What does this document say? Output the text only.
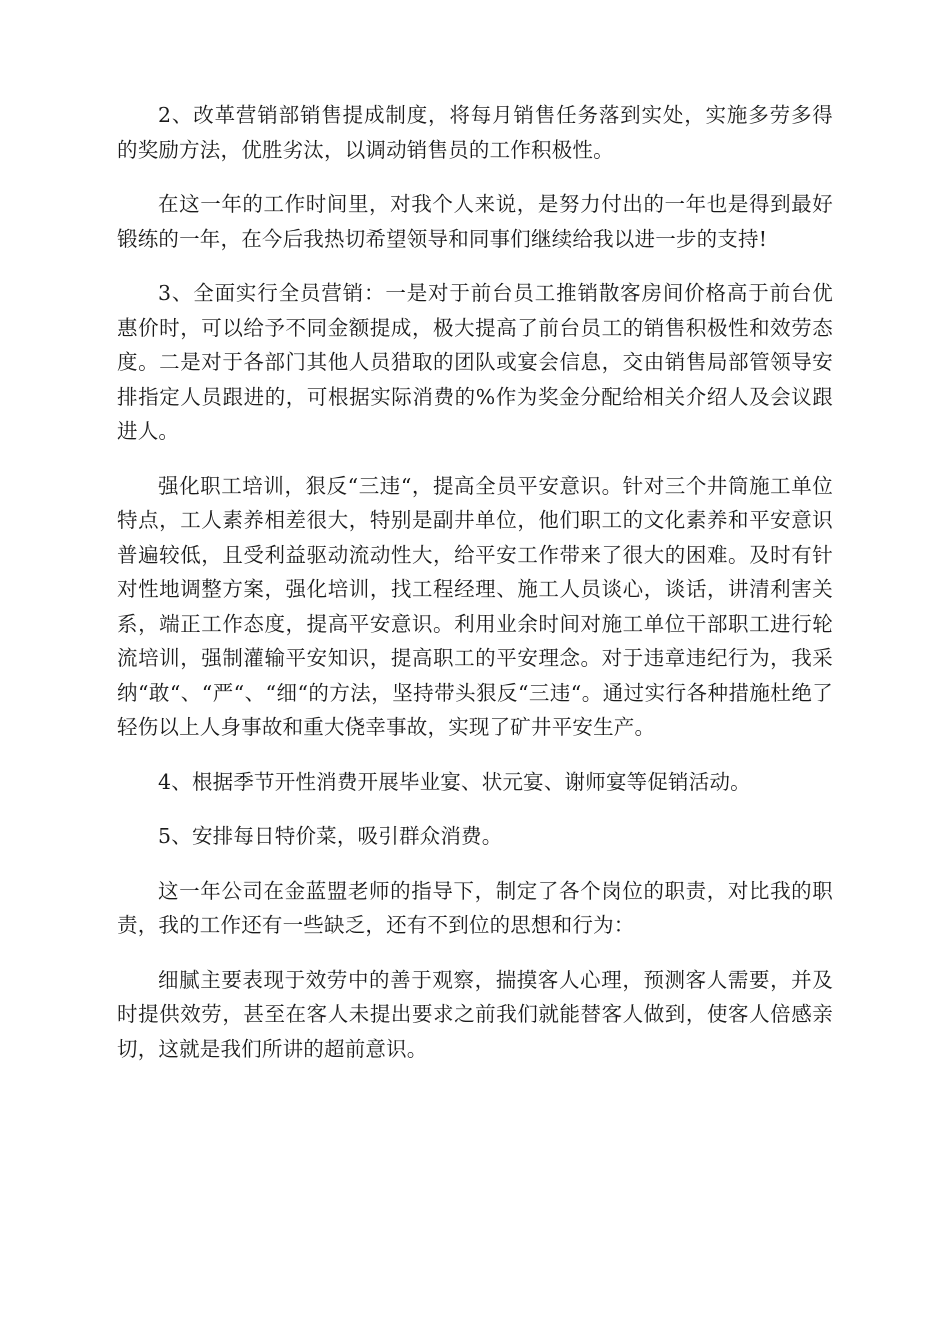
2、改革营销部销售提成制度，将每月销售任务落到实处，实施多劳多得的奖励方法，优胜劣汰，以调动销售员的工作积极性。

在这一年的工作时间里，对我个人来说，是努力付出的一年也是得到最好锻练的一年，在今后我热切希望领导和同事们继续给我以进一步的支持!

3、全面实行全员营销：一是对于前台员工推销散客房间价格高于前台优惠价时，可以给予不同金额提成，极大提高了前台员工的销售积极性和效劳态度。二是对于各部门其他人员猎取的团队或宴会信息，交由销售局部管领导安排指定人员跟进的，可根据实际消费的%作为奖金分配给相关介绍人及会议跟进人。

强化职工培训，狠反“三违“，提高全员平安意识。针对三个井筒施工单位特点，工人素养相差很大，特别是副井单位，他们职工的文化素养和平安意识普遍较低，且受利益驱动流动性大，给平安工作带来了很大的困难。及时有针对性地调整方案，强化培训，找工程经理、施工人员谈心，谈话，讲清利害关系，端正工作态度，提高平安意识。利用业余时间对施工单位干部职工进行轮流培训，强制灌输平安知识，提高职工的平安理念。对于违章违纪行为，我采纳“敢“、“严“、“细“的方法，坚持带头狠反“三违“。通过实行各种措施杜绝了轻伤以上人身事故和重大侥幸事故，实现了矿井平安生产。

4、根据季节开性消费开展毕业宴、状元宴、谢师宴等促销活动。

5、安排每日特价菜，吸引群众消费。

这一年公司在金蓝盟老师的指导下，制定了各个岗位的职责，对比我的职责，我的工作还有一些缺乏，还有不到位的思想和行为：

细腻主要表现于效劳中的善于观察，揣摸客人心理，预测客人需要，并及时提供效劳，甚至在客人未提出要求之前我们就能替客人做到，使客人倍感亲切，这就是我们所讲的超前意识。
